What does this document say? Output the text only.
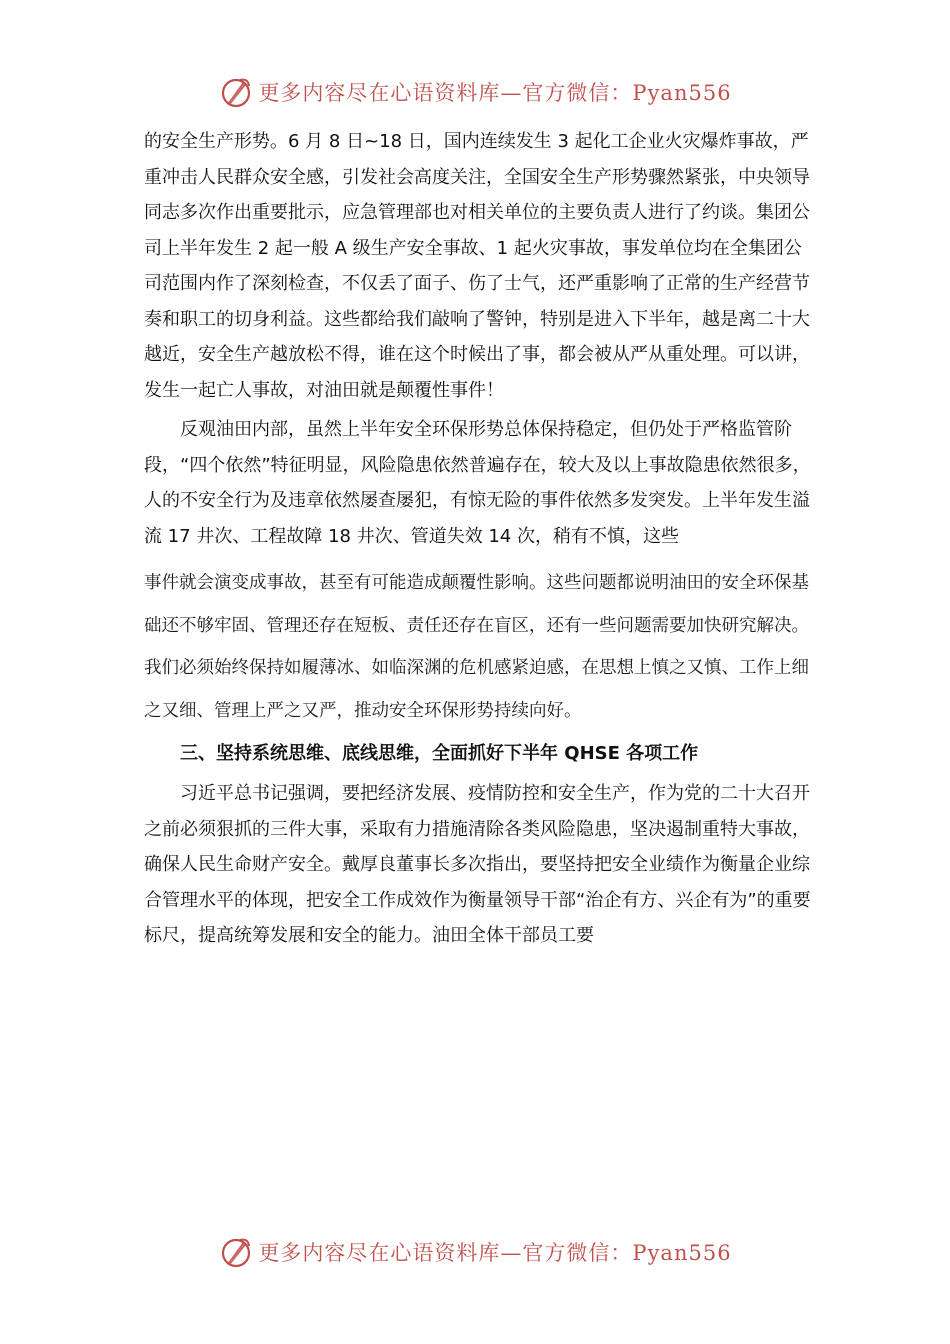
更多内容尽在心语资料库—官方微信：Pyan556

的安全生产形势。6 月 8 日~18 日，国内连续发生 3 起化工企业火灾爆炸事故，严重冲击人民群众安全感，引发社会高度关注，全国安全生产形势骤然紧张，中央领导同志多次作出重要批示，应急管理部也对相关单位的主要负责人进行了约谈。集团公司上半年发生 2 起一般 A 级生产安全事故、1 起火灾事故，事发单位均在全集团公司范围内作了深刻检查，不仅丢了面子、伤了士气，还严重影响了正常的生产经营节奏和职工的切身利益。这些都给我们敲响了警钟，特别是进入下半年，越是离二十大越近，安全生产越放松不得，谁在这个时候出了事，都会被从严从重处理。可以讲，发生一起亡人事故，对油田就是颠覆性事件！

反观油田内部，虽然上半年安全环保形势总体保持稳定，但仍处于严格监管阶段，“四个依然”特征明显，风险隐患依然普遍存在，较大及以上事故隐患依然很多，人的不安全行为及违章依然屡查屡犯，有惊无险的事件依然多发突发。上半年发生溢流 17 井次、工程故障 18 井次、管道失效 14 次，稍有不慎，这些

事件就会演变成事故，甚至有可能造成颠覆性影响。这些问题都说明油田的安全环保基础还不够牢固、管理还存在短板、责任还存在盲区，还有一些问题需要加快研究解决。我们必须始终保持如履薄冰、如临深渊的危机感紧迫感，在思想上慎之又慎、工作上细之又细、管理上严之又严，推动安全环保形势持续向好。

三、坚持系统思维、底线思维，全面抓好下半年 QHSE 各项工作

习近平总书记强调，要把经济发展、疫情防控和安全生产，作为党的二十大召开之前必须狠抓的三件大事，采取有力措施清除各类风险隐患，坚决遏制重特大事故，确保人民生命财产安全。戴厚良董事长多次指出，要坚持把安全业绩作为衡量企业综合管理水平的体现，把安全工作成效作为衡量领导干部“治企有方、兴企有为”的重要标尺，提高统筹发展和安全的能力。油田全体干部员工要

更多内容尽在心语资料库—官方微信：Pyan556
